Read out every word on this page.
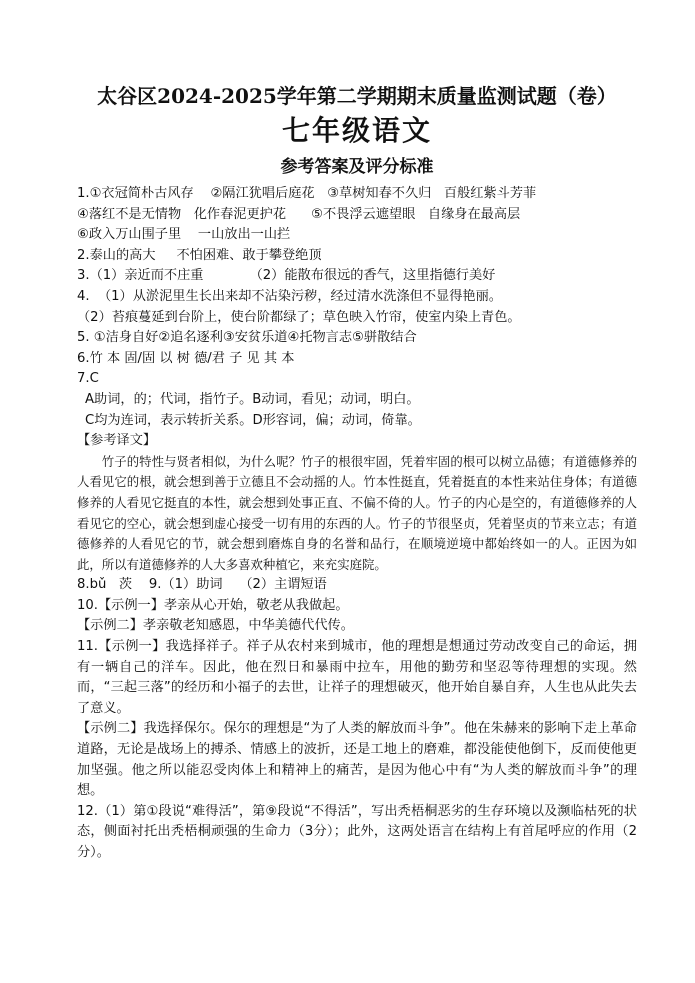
太谷区2024-2025学年第二学期期末质量监测试题（卷）
七年级语文
参考答案及评分标准
1.①衣冠简朴古风存    ②隔江犹唱后庭花   ③草树知春不久归   百般红紫斗芳菲
④落红不是无情物   化作春泥更护花      ⑤不畏浮云遮望眼   自缘身在最高层
⑥政入万山围子里    一山放出一山拦
2.泰山的高大     不怕困难、敢于攀登绝顶
3.（1）亲近而不庄重           （2）能散布很远的香气，这里指德行美好
4.  （1）从淤泥里生长出来却不沾染污秽，经过清水洗涤但不显得艳丽。
（2）苔痕蔓延到台阶上，使台阶都绿了；草色映入竹帘，使室内染上青色。
5. ①洁身自好②追名逐利③安贫乐道④托物言志⑤骈散结合
6.竹 本 固/固 以 树 德/君 子 见 其 本
7.C
A助词，的；代词，指竹子。B动词，看见；动词，明白。
C均为连词，表示转折关系。D形容词，偏；动词，倚靠。
【参考译文】
竹子的特性与贤者相似，为什么呢？竹子的根很牢固，凭着牢固的根可以树立品德；有道德修养的人看见它的根，就会想到善于立德且不会动摇的人。竹本性挺直，凭着挺直的本性来站住身体；有道德修养的人看见它挺直的本性，就会想到处事正直、不偏不倚的人。竹子的内心是空的，有道德修养的人看见它的空心，就会想到虚心接受一切有用的东西的人。竹子的节很坚贞，凭着坚贞的节来立志；有道德修养的人看见它的节，就会想到磨炼自身的名誉和品行，在顺境逆境中都始终如一的人。正因为如此，所以有道德修养的人大多喜欢种植它，来充实庭院。
8.bǔ   茨    9.（1）助词    （2）主谓短语
10.【示例一】孝亲从心开始，敬老从我做起。
【示例二】孝亲敬老知感恩，中华美德代代传。
11.【示例一】我选择祥子。祥子从农村来到城市，他的理想是想通过劳动改变自己的命运，拥有一辆自己的洋车。因此，他在烈日和暴雨中拉车，用他的勤劳和坚忍等待理想的实现。然而，“三起三落”的经历和小福子的去世，让祥子的理想破灭，他开始自暴自弃，人生也从此失去了意义。
【示例二】我选择保尔。保尔的理想是“为了人类的解放而斗争”。他在朱赫来的影响下走上革命道路，无论是战场上的搏杀、情感上的波折，还是工地上的磨难，都没能使他倒下，反而使他更加坚强。他之所以能忍受肉体上和精神上的痛苦，是因为他心中有“为人类的解放而斗争”的理想。
12.（1）第①段说“难得活”，第⑨段说“不得活”，写出秃梧桐恶劣的生存环境以及濒临枯死的状态，侧面衬托出秃梧桐顽强的生命力（3分）；此外，这两处语言在结构上有首尾呼应的作用（2分）。
